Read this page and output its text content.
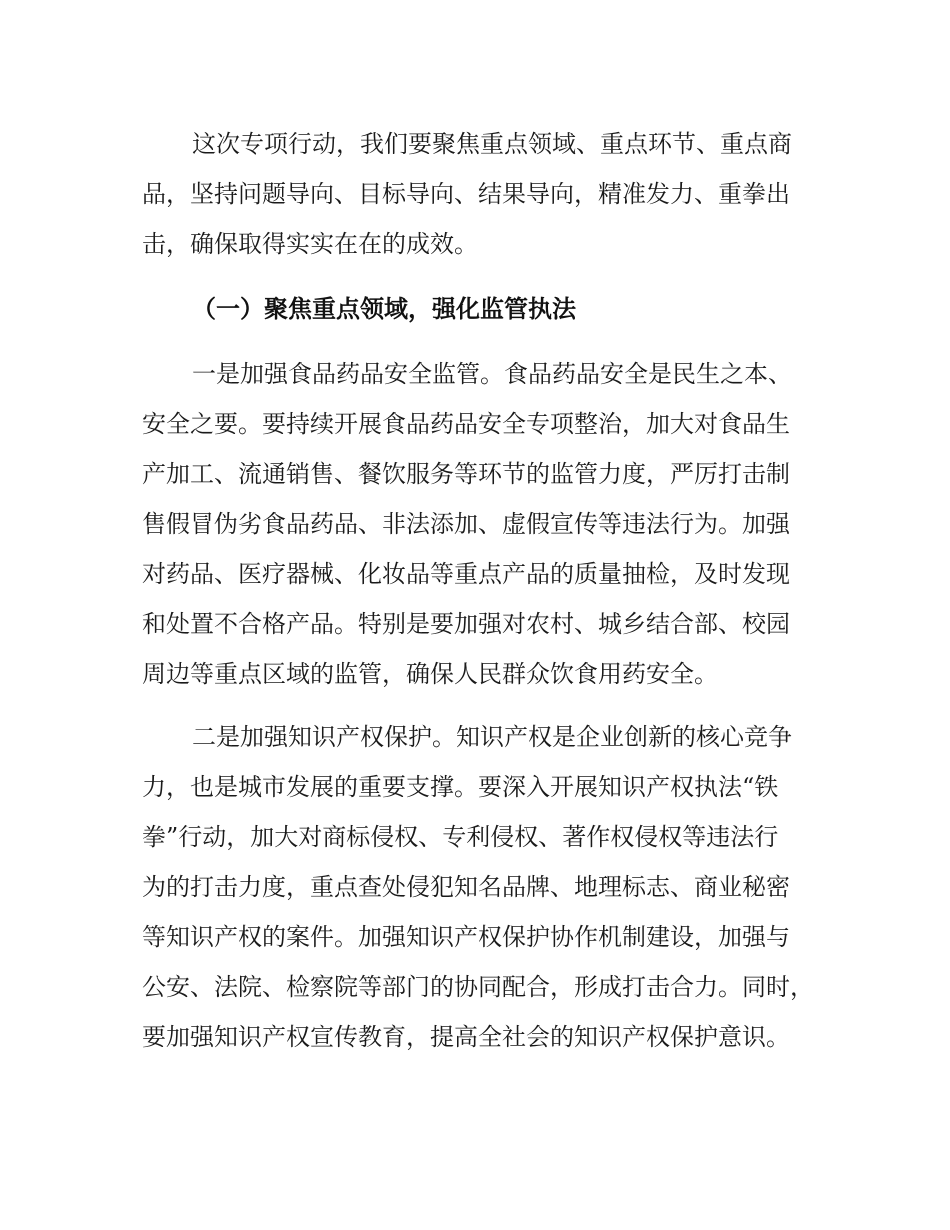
这次专项行动，我们要聚焦重点领域、重点环节、重点商
品，坚持问题导向、目标导向、结果导向，精准发力、重拳出
击，确保取得实实在在的成效。
（一）聚焦重点领域，强化监管执法
一是加强食品药品安全监管。食品药品安全是民生之本、
安全之要。要持续开展食品药品安全专项整治，加大对食品生
产加工、流通销售、餐饮服务等环节的监管力度，严厉打击制
售假冒伪劣食品药品、非法添加、虚假宣传等违法行为。加强
对药品、医疗器械、化妆品等重点产品的质量抽检，及时发现
和处置不合格产品。特别是要加强对农村、城乡结合部、校园
周边等重点区域的监管，确保人民群众饮食用药安全。
二是加强知识产权保护。知识产权是企业创新的核心竞争
力，也是城市发展的重要支撑。要深入开展知识产权执法“铁
拳”行动，加大对商标侵权、专利侵权、著作权侵权等违法行
为的打击力度，重点查处侵犯知名品牌、地理标志、商业秘密
等知识产权的案件。加强知识产权保护协作机制建设，加强与
公安、法院、检察院等部门的协同配合，形成打击合力。同时，
要加强知识产权宣传教育，提高全社会的知识产权保护意识。
